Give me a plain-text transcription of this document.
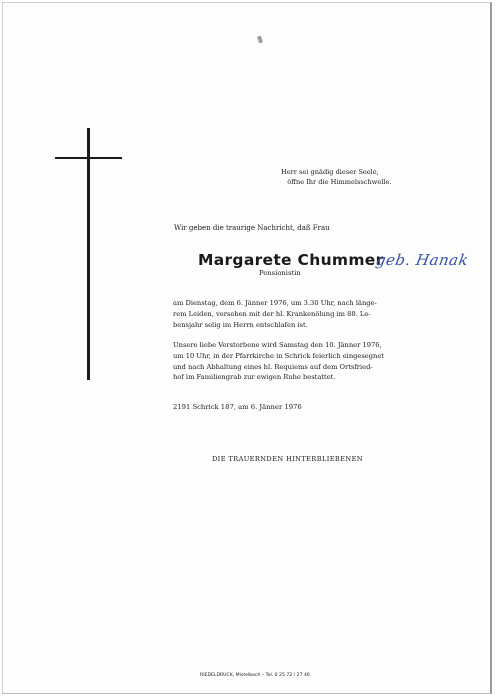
Herr sei gnädig dieser Seele,
öffne Ihr die Himmelsschwelle.
Wir geben die traurige Nachricht, daß Frau
Margarete Chummer
geb. Hanak
Pensionistin
am Dienstag, dem 6. Jänner 1976, um 3.30 Uhr, nach länge-
rem Leiden, versehen mit der hl. Krankenölung im 88. Le-
bensjahr selig im Herrn entschlafen ist.
Unsere liebe Verstorbene wird Samstag den 10. Jänner 1976,
um 10 Uhr, in der Pfarrkirche in Schrick feierlich eingesegnet
und nach Abhaltung eines hl. Requiems auf dem Ortsfried-
hof im Familiengrab zur ewigen Ruhe bestattet.
2191 Schrick 187, am 6. Jänner 1976
DIE TRAUERNDEN HINTERBLIEBENEN
RIEDELDRUCK, Mistelbach – Tel. 0 25 72 / 27 46
